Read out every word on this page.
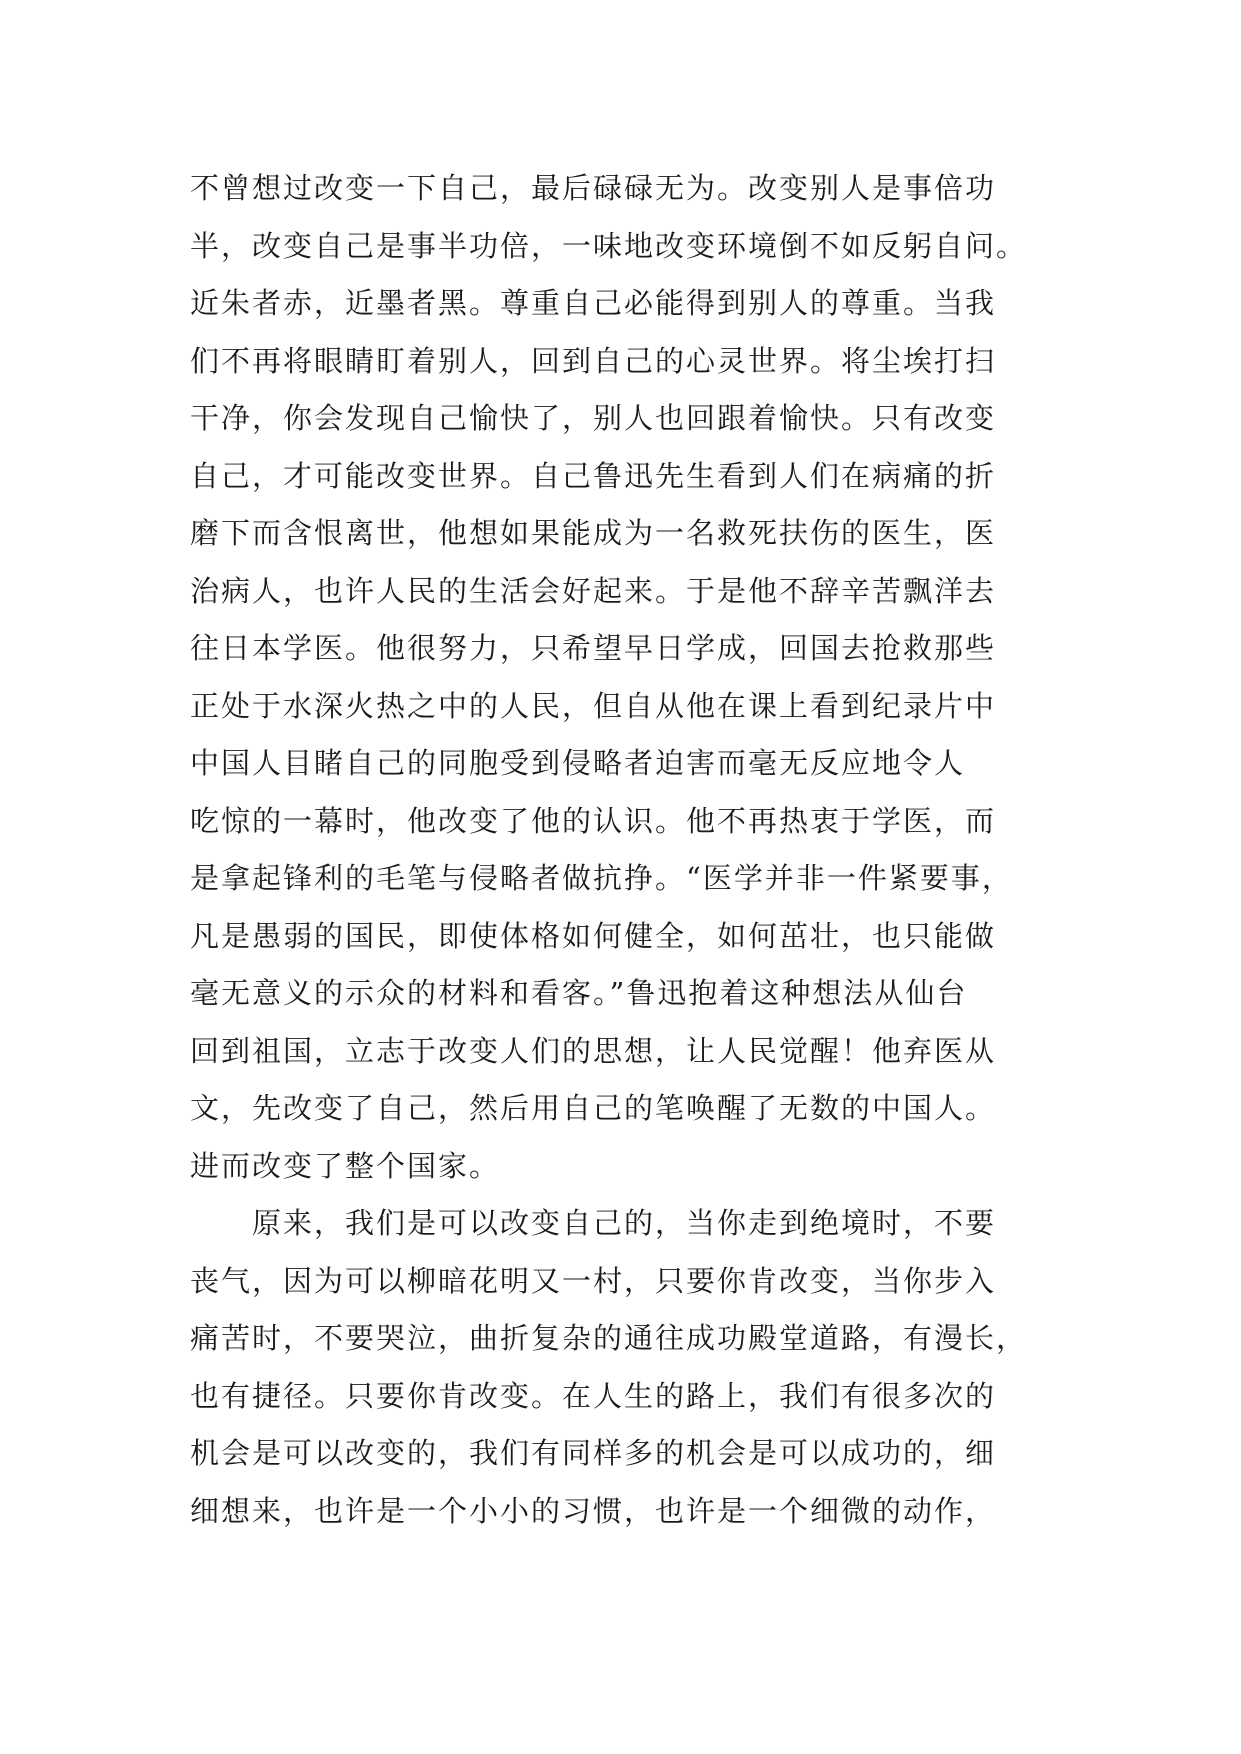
不曾想过改变一下自己，最后碌碌无为。改变别人是事倍功
半，改变自己是事半功倍，一味地改变环境倒不如反躬自问。
近朱者赤，近墨者黑。尊重自己必能得到别人的尊重。当我
们不再将眼睛盯着别人，回到自己的心灵世界。将尘埃打扫
干净，你会发现自己愉快了，别人也回跟着愉快。只有改变
自己，才可能改变世界。自己鲁迅先生看到人们在病痛的折
磨下而含恨离世，他想如果能成为一名救死扶伤的医生，医
治病人，也许人民的生活会好起来。于是他不辞辛苦飘洋去
往日本学医。他很努力，只希望早日学成，回国去抢救那些
正处于水深火热之中的人民，但自从他在课上看到纪录片中
中国人目睹自己的同胞受到侵略者迫害而毫无反应地令人
吃惊的一幕时，他改变了他的认识。他不再热衷于学医，而
是拿起锋利的毛笔与侵略者做抗挣。“医学并非一件紧要事，
凡是愚弱的国民，即使体格如何健全，如何茁壮，也只能做
毫无意义的示众的材料和看客。”鲁迅抱着这种想法从仙台
回到祖国，立志于改变人们的思想，让人民觉醒！他弃医从
文，先改变了自己，然后用自己的笔唤醒了无数的中国人。
进而改变了整个国家。
　　原来，我们是可以改变自己的，当你走到绝境时，不要
丧气，因为可以柳暗花明又一村，只要你肯改变，当你步入
痛苦时，不要哭泣，曲折复杂的通往成功殿堂道路，有漫长，
也有捷径。只要你肯改变。在人生的路上，我们有很多次的
机会是可以改变的，我们有同样多的机会是可以成功的，细
细想来，也许是一个小小的习惯，也许是一个细微的动作，
